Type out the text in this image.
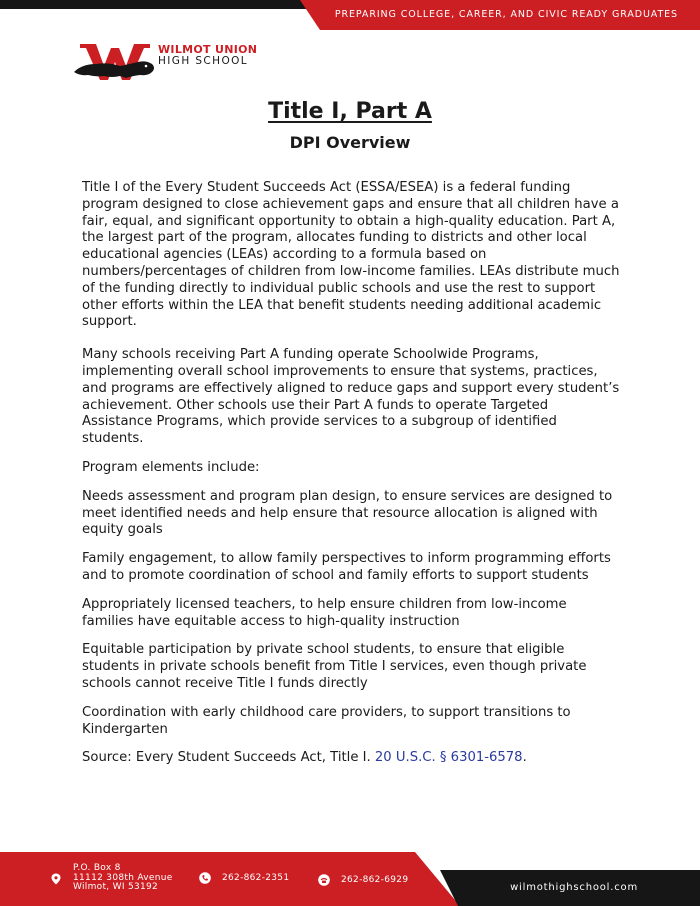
PREPARING COLLEGE, CAREER, AND CIVIC READY GRADUATES
WILMOT UNION
HIGH SCHOOL
Title I, Part A
DPI Overview

Title I of the Every Student Succeeds Act (ESSA/ESEA) is a federal funding program designed to close achievement gaps and ensure that all children have a fair, equal, and significant opportunity to obtain a high-quality education. Part A, the largest part of the program, allocates funding to districts and other local educational agencies (LEAs) according to a formula based on numbers/percentages of children from low-income families. LEAs distribute much of the funding directly to individual public schools and use the rest to support other efforts within the LEA that benefit students needing additional academic support.

Many schools receiving Part A funding operate Schoolwide Programs, implementing overall school improvements to ensure that systems, practices, and programs are effectively aligned to reduce gaps and support every student’s achievement. Other schools use their Part A funds to operate Targeted Assistance Programs, which provide services to a subgroup of identified students.

Program elements include:

Needs assessment and program plan design, to ensure services are designed to meet identified needs and help ensure that resource allocation is aligned with equity goals

Family engagement, to allow family perspectives to inform programming efforts and to promote coordination of school and family efforts to support students

Appropriately licensed teachers, to help ensure children from low-income families have equitable access to high-quality instruction

Equitable participation by private school students, to ensure that eligible students in private schools benefit from Title I services, even though private schools cannot receive Title I funds directly

Coordination with early childhood care providers, to support transitions to Kindergarten

Source: Every Student Succeeds Act, Title I. 20 U.S.C. § 6301-6578.

P.O. Box 8
11112 308th Avenue
Wilmot, WI 53192
262-862-2351	262-862-6929
wilmothighschool.com
